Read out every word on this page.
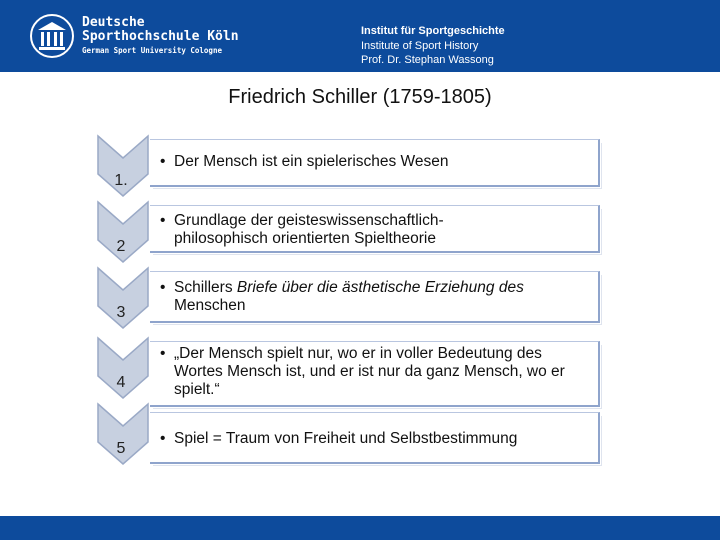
Deutsche
Sporthochschule Köln
German Sport University Cologne
Institut für Sportgeschichte
Institute of Sport History
Prof. Dr. Stephan Wassong
Friedrich Schiller (1759-1805)
1.
• Der Mensch ist ein spielerisches Wesen
2
• Grundlage der geisteswissenschaftlich-philosophisch orientierten Spieltheorie
3
• Schillers Briefe über die ästhetische Erziehung des Menschen
4
• „Der Mensch spielt nur, wo er in voller Bedeutung des Wortes Mensch ist, und er ist nur da ganz Mensch, wo er spielt.“
5
• Spiel = Traum von Freiheit und Selbstbestimmung
